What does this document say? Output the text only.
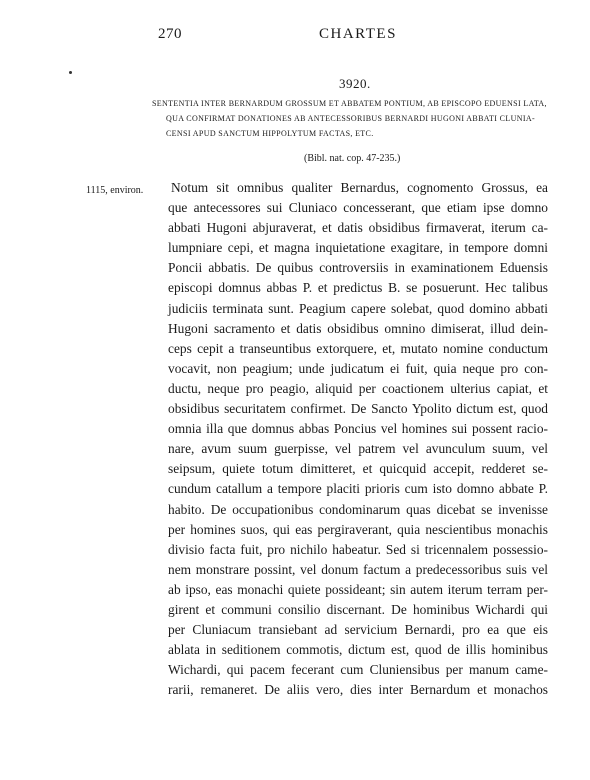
270	CHARTES
3920.
SENTENTIA INTER BERNARDUM GROSSUM ET ABBATEM PONTIUM, AB EPISCOPO EDUENSI LATA,
QUA CONFIRMAT DONATIONES AB ANTECESSORIBUS BERNARDI HUGONI ABBATI CLUNIA-
CENSI APUD SANCTUM HIPPOLYTUM FACTAS, ETC.
(Bibl. nat. cop. 47-235.)
1115, environ. Notum sit omnibus qualiter Bernardus, cognomento Grossus, ea
que antecessores sui Cluniaco concesserant, que etiam ipse domno
abbati Hugoni abjuraverat, et datis obsidibus firmaverat, iterum ca-
lumpniare cepi, et magna inquietatione exagitare, in tempore domni
Poncii abbatis. De quibus controversiis in examinationem Eduensis
episcopi domnus abbas P. et predictus B. se posuerunt. Hec talibus
judiciis terminata sunt. Peagium capere solebat, quod domino abbati
Hugoni sacramento et datis obsidibus omnino dimiserat, illud dein-
ceps cepit a transeuntibus extorquere, et, mutato nomine conductum
vocavit, non peagium; unde judicatum ei fuit, quia neque pro con-
ductu, neque pro peagio, aliquid per coactionem ulterius capiat, et
obsidibus securitatem confirmet. De Sancto Ypolito dictum est, quod
omnia illa que domnus abbas Poncius vel homines sui possent racio-
nare, avum suum guerpisse, vel patrem vel avunculum suum, vel
seipsum, quiete totum dimitteret, et quicquid accepit, redderet se-
cundum catallum a tempore placiti prioris cum isto domno abbate P.
habito. De occupationibus condominarum quas dicebat se invenisse
per homines suos, qui eas pergiraverant, quia nescientibus monachis
divisio facta fuit, pro nichilo habeatur. Sed si tricennalem possessio-
nem monstrare possint, vel donum factum a predecessoribus suis vel
ab ipso, eas monachi quiete possideant; sin autem iterum terram per-
girent et communi consilio discernant. De hominibus Wichardi qui
per Cluniacum transiebant ad servicium Bernardi, pro ea que eis
ablata in seditionem commotis, dictum est, quod de illis hominibus
Wichardi, qui pacem fecerant cum Cluniensibus per manum came-
rarii, remaneret. De aliis vero, dies inter Bernardum et monachos
